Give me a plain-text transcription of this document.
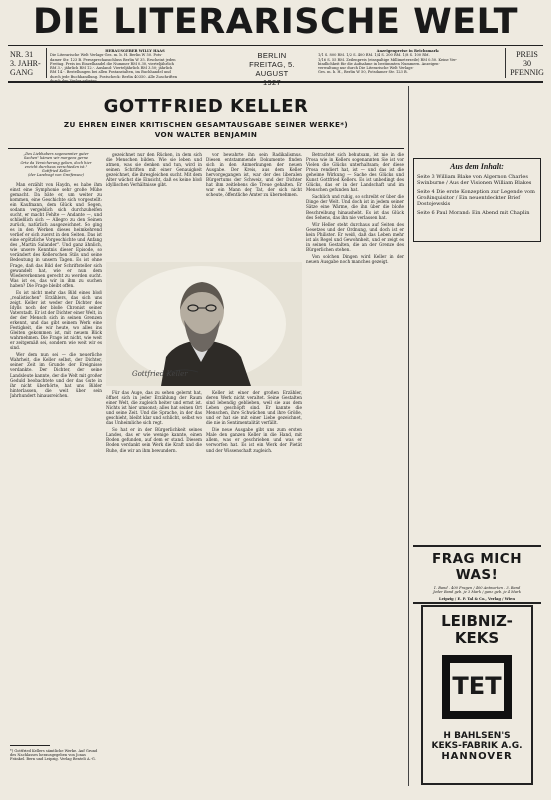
DIE LITERARISCHE WELT
NR. 31
3. JAHR-
GANG
HERAUSGEBER WILLY HAAS
Die Literarische Welt Verlags-Ges. m. b. H. Berlin W 50. Pots-
damer Str. 123 B. Fernsprechanschluss Berlin W 35. Erscheint jeden
Freitag. Preis im Einzelhandel die Nummer RM 0.30, vierteljährlich
RM 3.-, jährlich RM 12.-. Ausland: Vierteljährlich RM 3.50; jährlich
RM 14.-. Bestellungen bei allen Postanstalten, im Buchhandel und
durch jede Buchhandlung. Postscheck: Berlin 40350. Alle Zuschriften
BERLIN
FREITAG, 5. AUGUST
Anzeigenpreise in Reichsmark:
1/1 S. 800 RM. 1/2 S. 400 RM. 1/4 S. 200 RM. 1/8 S. 100 RM.
1/16 S. 55 RM. Zeilenpreis (einspaltige Millimeterzeile) RM 0.50. Keine Ver-
bindlichkeit für die Aufnahme in bestimmten Nummern. Anzeigen-
verwaltung nur durch Die Literarische Welt Verlags-
Ges. m. b. H., Berlin W 50, Potsdamer Str. 123 B.
PREIS
30
PFENNIG
GOTTFRIED KELLER
ZU EHREN EINER KRITISCHEN GESAMTAUSGABE SEINER WERKE*)
VON WALTER BENJAMIN
„Des Liebhabers sogenannter guter
Sachen" kämen wir morgens gerne
Orte da Versicherung geben, doch hier
ereicht durchaus verschieden ist."
Gottfried Keller
(der Landvogt von Greifensee)

Man erzählt von Haydn, es habe ihm einst eine Symphonie sehr große Mühe gemacht. Da bäte er, um weiter zu kommen, eine Geschichte sich vorgestellt: ein Kaufmann, dem Glück und Segen, sodann vergeblich sich durchzuhelfen sucht, er macht Fehlte — Andante —, und schließlich sich — Allegro zu den Seinen zurück, natürlich ausgezeichnet. So ging es in den Werken dieses heimkehrend verlief er sich zuerst in den Seiten. Das ist eine ergötzliche Vorgeschichte und Anfang des „Martin Salander". Und ganz ähnlich, wie unsere Kenntnis dieser Episode, so verändert des Kellerschen Stils und seine Bedeutung in unsern Tagen. Es ist ohne Frage, daß das Bild der Schriftsteller sich gewandelt hat, wie er nun dem Wiedererkennen gerecht zu werden sucht. Was ist es, das wir in ihm zu suchen haben? Die Frage bleibt offen.

Es ist nicht mehr das Bild eines bloß „realistischen" Erzählers, das sich uns zeigt. Keller ist weder der Dichter des Idylls noch der bloße Chronist seiner Vaterstadt. Er ist der Dichter einer Welt, in der der Mensch sich in seinen Grenzen erkennt, und das gibt seinem Werk eine Festigkeit, die wir heute, wo alles ins Gleiten gekommen ist, mit neuem Blick wahrnehmen. Die Frage ist nicht, wie weit er zeitgemäß sei, sondern wie weit wir es sind.

Wer dem nun sei — die neuerliche Wahrheit, die Keller selbst, der Dichter, seiner Zeit im Grunde der Ereignisse verdankte. Der Dichter, der seine Landsleute kannte, der die Welt mit großer Geduld beobachtete und der das Gute in ihr nicht überhörte, hat uns Bilder hinterlassen, die weit über sein Jahrhundert hinausreichen.

*) Gottfried Kellers sämtliche Werke. Auf Grund des Nachlasses herausgegeben von Jonas Fränkel. Bern und Leipzig. Verlag Benteli A.-G.

gezeichnet nur den Rücken, in dem sich die Menschen bilden. Wie sie leben und atmen, was sie denken und tun, wird in seinen Schriften mit einer Genauigkeit gezeichnet, die ihresgleichen sucht. Mit dem Alter wächst die Einsicht, daß es keine bloß idyllischen Verhältnisse gibt.

Gottfried Keller

Für das Auge, das zu sehen gelernt hat, öffnet sich in jeder Erzählung der Raum einer Welt, die zugleich heiter und ernst ist. Nichts ist hier umsonst; alles hat seinen Ort und seine Zeit. Und die Sprache, in der das geschieht, bleibt klar und schlicht, selbst wo das Unheimliche sich regt.

So hat er in der Bürgerlichkeit seines Landes, das er wie wenige kannte, einen Boden gefunden, auf dem er stand. Diesem Boden verdankt sein Werk die Kraft und die Ruhe, die wir an ihm bewundern.

vor bewahrte ihn sein Radikalismus. Diesen entstammende Dokumente finden sich in den Anmerkungen der neuen Ausgabe. Der Kreis, aus dem Keller hervorgegangen ist, war der des liberalen Bürgertums der Schweiz, und der Dichter hat ihm zeitlebens die Treue gehalten. Er war ein Mann der Tat, der sich nicht scheute, öffentliche Ämter zu übernehmen.

Keller ist einer der großen Erzähler, deren Werk nicht veraltet. Seine Gestalten sind lebendig geblieben, weil sie aus dem Leben geschöpft sind. Er kannte die Menschen, ihre Schwächen und ihre Größe, und er hat sie mit einer Liebe gezeichnet, die nie in Sentimentalität verfällt.

Die neue Ausgabe gibt uns zum ersten Male den ganzen Keller in die Hand, mit allem, was er geschrieben und was er verworfen hat. Es ist ein Werk der Pietät und der Wissenschaft zugleich.

Betrachtet sich behutsam, ist nie in die Prosa wie in Kellers sogenannten Sie ist vor Vielen die Glücks unterhaltsam; der diese Prosa rendiert hat, ist — und das ist die geheime Wirkung — Sache des Glücks und Kunst Gottfried Kellers. Es ist unbedingt des Glücks, das er in der Landschaft und im Menschen gefunden hat.

Sachlich und ruhig, so schreibt er über die Dinge der Welt. Und doch ist in jedem seiner Sätze eine Wärme, die ihn über die bloße Beschreibung hinaushebt. Es ist das Glück des Sehens, das ihn nie verlassen hat.

Wir Heller steht durchaus auf Seiten des Gesetzes und der Ordnung, und doch ist er kein Philister. Er weiß, daß das Leben mehr ist als Regel und Gewohnheit, und er zeigt es in seinen Gestalten, die an der Grenze des Bürgerlichen stehen.

Von solchen Dingen wird Keller in der neuen Ausgabe noch manches gezeigt.

Aus dem Inhalt:
Seite 3 William Blake von Algernon Charles Swinburne / Aus der Visionen William Blakes
Seite 4 Die erste Konzeption zur Legende vom Großinquisitor / Ein neuentdeckter Brief Dostojewskis
Seite 6 Paul Morand: Ein Abend mit Chaplin
FRAG MICH WAS!
1. Band . 400 Fragen / 400 Antworten . 3. Band
Jeder Band geb. je 3 Mark / ganz geb. je 4 Mark
Leipzig / E. P. Tal & Co., Verlag / Wien
LEIBNIZ-KEKS
TET
H BAHLSEN'S
KEKS-FABRIK A.G.
HANNOVER
